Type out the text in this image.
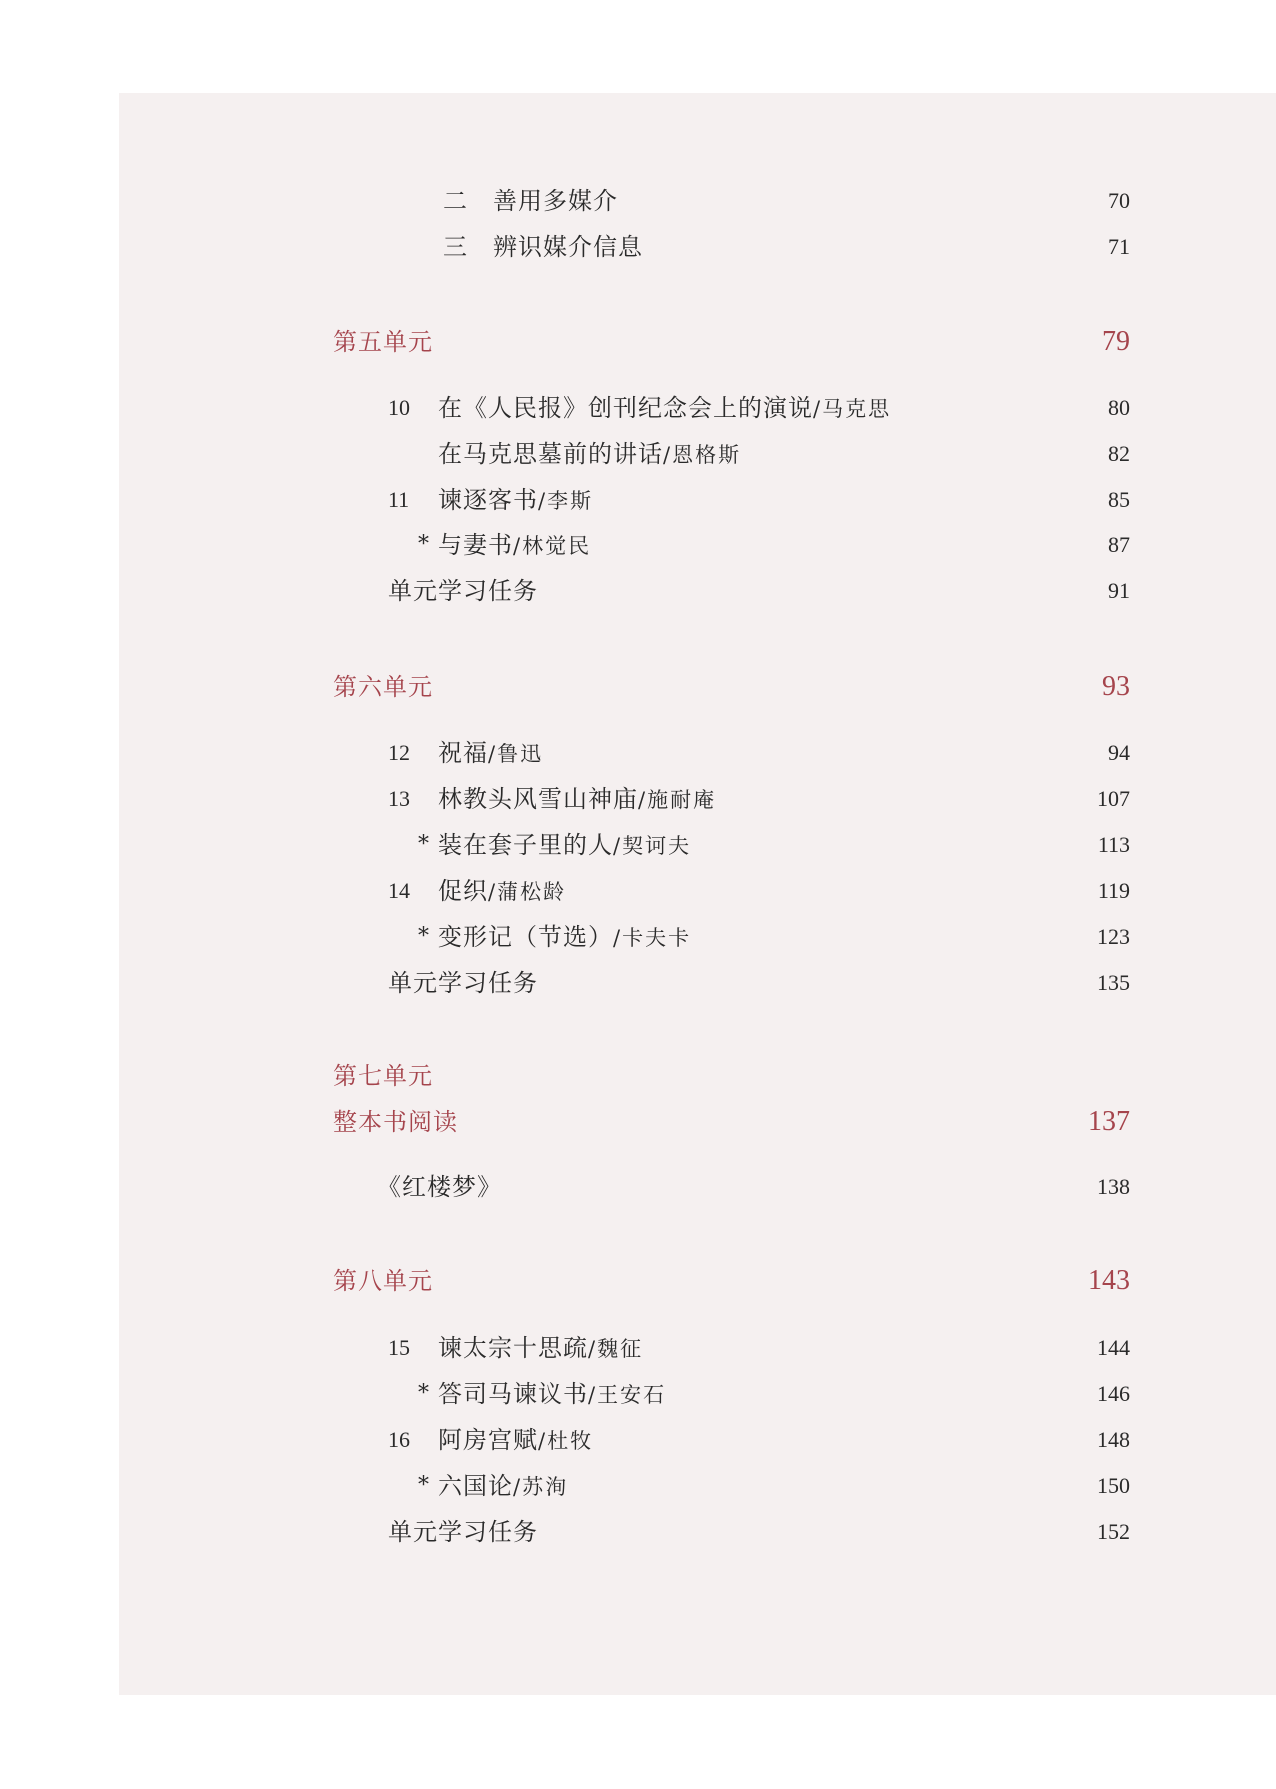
二 善用多媒介	70
三 辨识媒介信息	71
第五单元	79
10 在《人民报》创刊纪念会上的演说/马克思	80
在马克思墓前的讲话/恩格斯	82
11 谏逐客书/李斯	85
* 与妻书/林觉民	87
单元学习任务	91
第六单元	93
12 祝福/鲁迅	94
13 林教头风雪山神庙/施耐庵	107
* 装在套子里的人/契诃夫	113
14 促织/蒲松龄	119
* 变形记（节选）/卡夫卡	123
单元学习任务	135
第七单元
整本书阅读	137
《红楼梦》	138
第八单元	143
15 谏太宗十思疏/魏征	144
* 答司马谏议书/王安石	146
16 阿房宫赋/杜牧	148
* 六国论/苏洵	150
单元学习任务	152
